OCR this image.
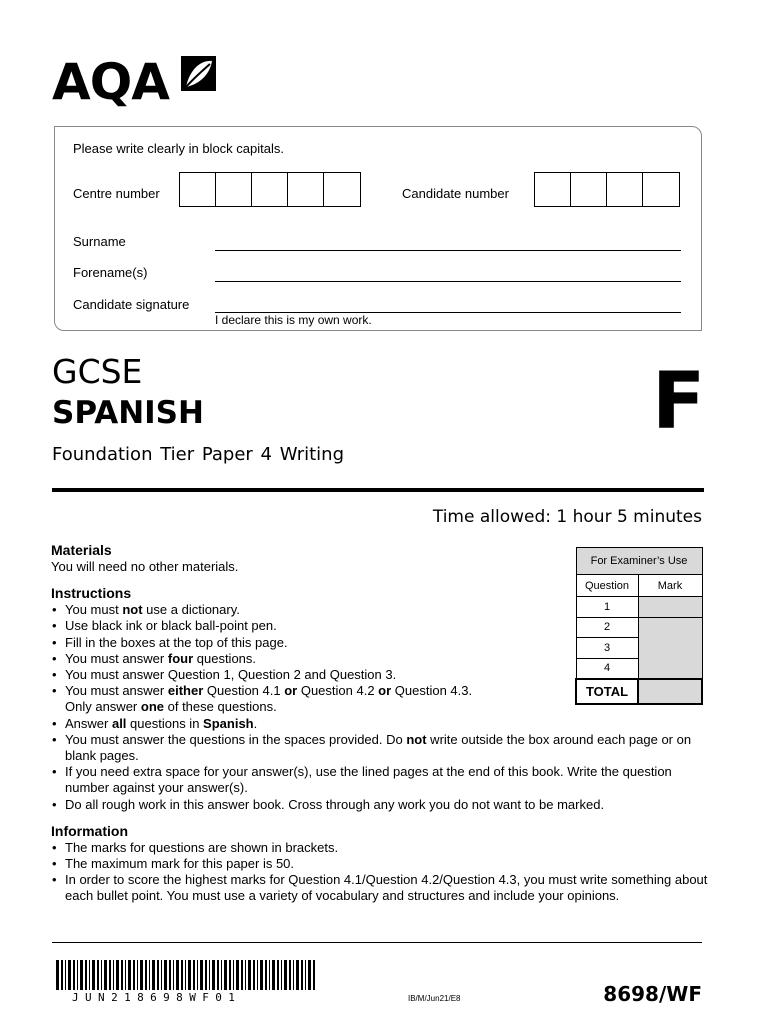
AQA
Please write clearly in block capitals.
Centre number	Candidate number
Surname
Forename(s)
Candidate signature
I declare this is my own work.
GCSE
SPANISH
Foundation Tier Paper 4 Writing
F
Time allowed: 1 hour 5 minutes
For Examiner’s Use	
Question	Mark
1	
2	
3	
4	
TOTAL	
Materials

You will need no other materials.

Instructions
• You must not use a dictionary.
• Use black ink or black ball-point pen.
• Fill in the boxes at the top of this page.
• You must answer four questions.
• You must answer Question 1, Question 2 and Question 3.
• You must answer either Question 4.1 or Question 4.2 or Question 4.3.
Only answer one of these questions.
• Answer all questions in Spanish.
• You must answer the questions in the spaces provided. Do not write outside the box around each page or on blank pages.
• If you need extra space for your answer(s), use the lined pages at the end of this book. Write the question number against your answer(s).
• Do all rough work in this answer book. Cross through any work you do not want to be marked.
Information
• The marks for questions are shown in brackets.
• The maximum mark for this paper is 50.
• In order to score the highest marks for Question 4.1/Question 4.2/Question 4.3, you must write something about each bullet point. You must use a variety of vocabulary and structures and include your opinions.
JUN218698WF01	IB/M/Jun21/E8	8698/WF
